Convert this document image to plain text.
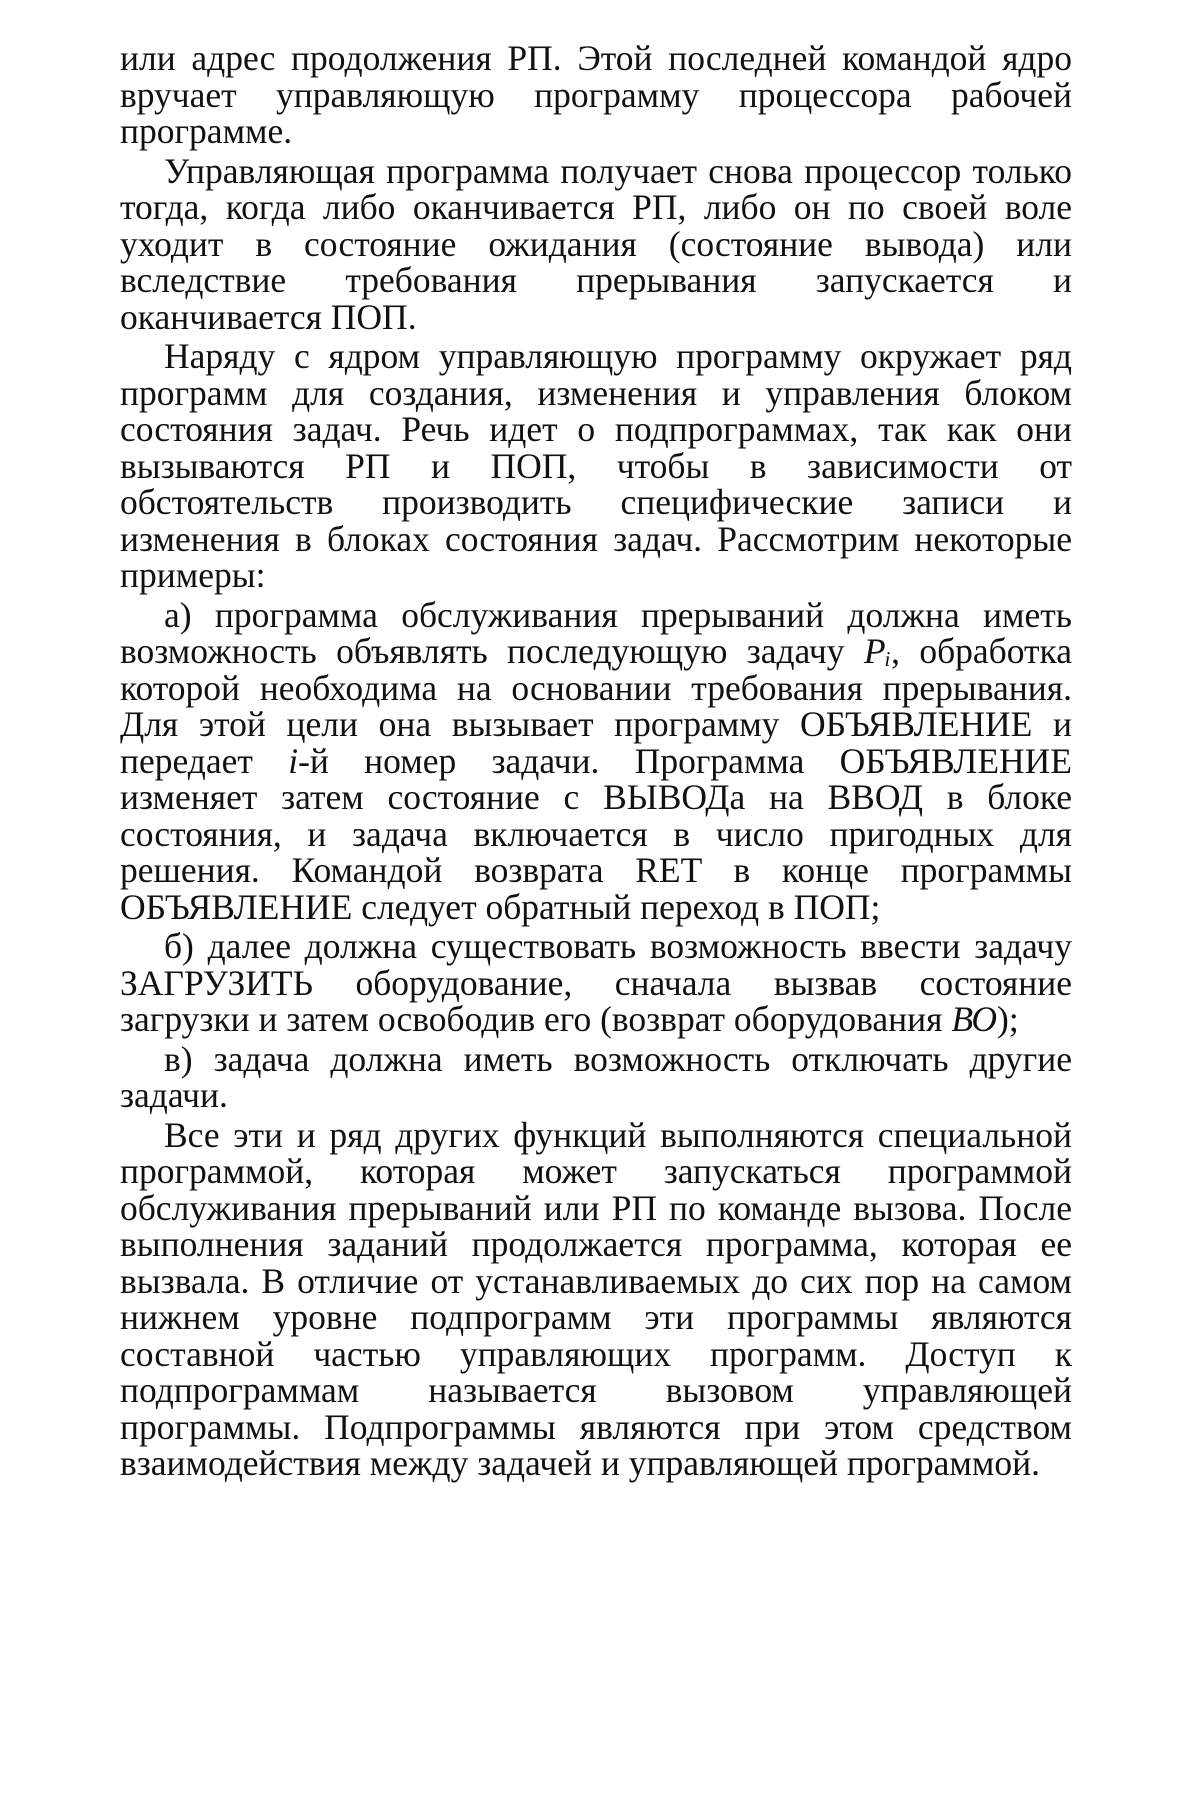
или адрес продолжения РП. Этой последней командой ядро вручает управляющую программу процессора рабочей программе.

Управляющая программа получает снова процессор только тогда, когда либо оканчивается РП, либо он по своей воле уходит в состояние ожидания (состояние вывода) или вследствие требования прерывания запускается и оканчивается ПОП.

Наряду с ядром управляющую программу окружает ряд программ для создания, изменения и управления блоком состояния задач. Речь идет о подпрограммах, так как они вызываются РП и ПОП, чтобы в зависимости от обстоятельств производить специфические записи и изменения в блоках состояния задач. Рассмотрим некоторые примеры:

а) программа обслуживания прерываний должна иметь возможность объявлять последующую задачу Pᵢ, обработка которой необходима на основании требования прерывания. Для этой цели она вызывает программу ОБЪЯВЛЕНИЕ и передает i-й номер задачи. Программа ОБЪЯВЛЕНИЕ изменяет затем состояние с ВЫВОДа на ВВОД в блоке состояния, и задача включается в число пригодных для решения. Командой возврата RET в конце программы ОБЪЯВЛЕНИЕ следует обратный переход в ПОП;

б) далее должна существовать возможность ввести задачу ЗАГРУЗИТЬ оборудование, сначала вызвав состояние загрузки и затем освободив его (возврат оборудования ВО);

в) задача должна иметь возможность отключать другие задачи.

Все эти и ряд других функций выполняются специальной программой, которая может запускаться программой обслуживания прерываний или РП по команде вызова. После выполнения заданий продолжается программа, которая ее вызвала. В отличие от устанавливаемых до сих пор на самом нижнем уровне подпрограмм эти программы являются составной частью управляющих программ. Доступ к подпрограммам называется вызовом управляющей программы. Подпрограммы являются при этом средством взаимодействия между задачей и управляющей программой.
